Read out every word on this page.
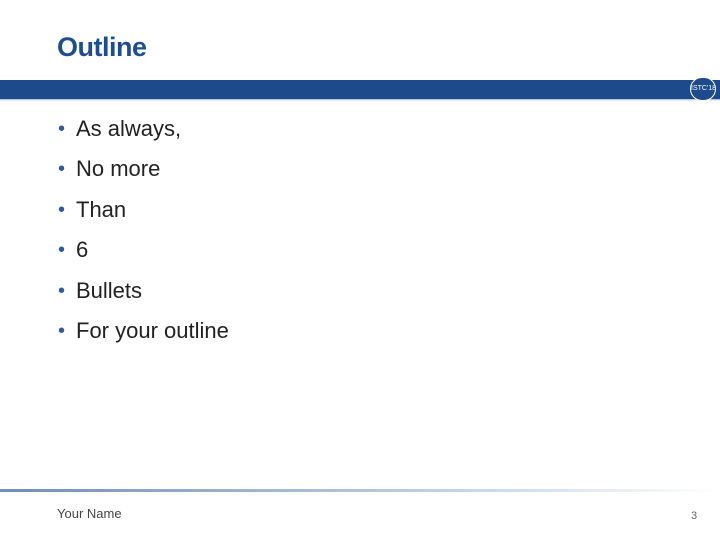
Outline
ISTC'18
• As always,
• No more
• Than
• 6
• Bullets
• For your outline
Your Name	3
